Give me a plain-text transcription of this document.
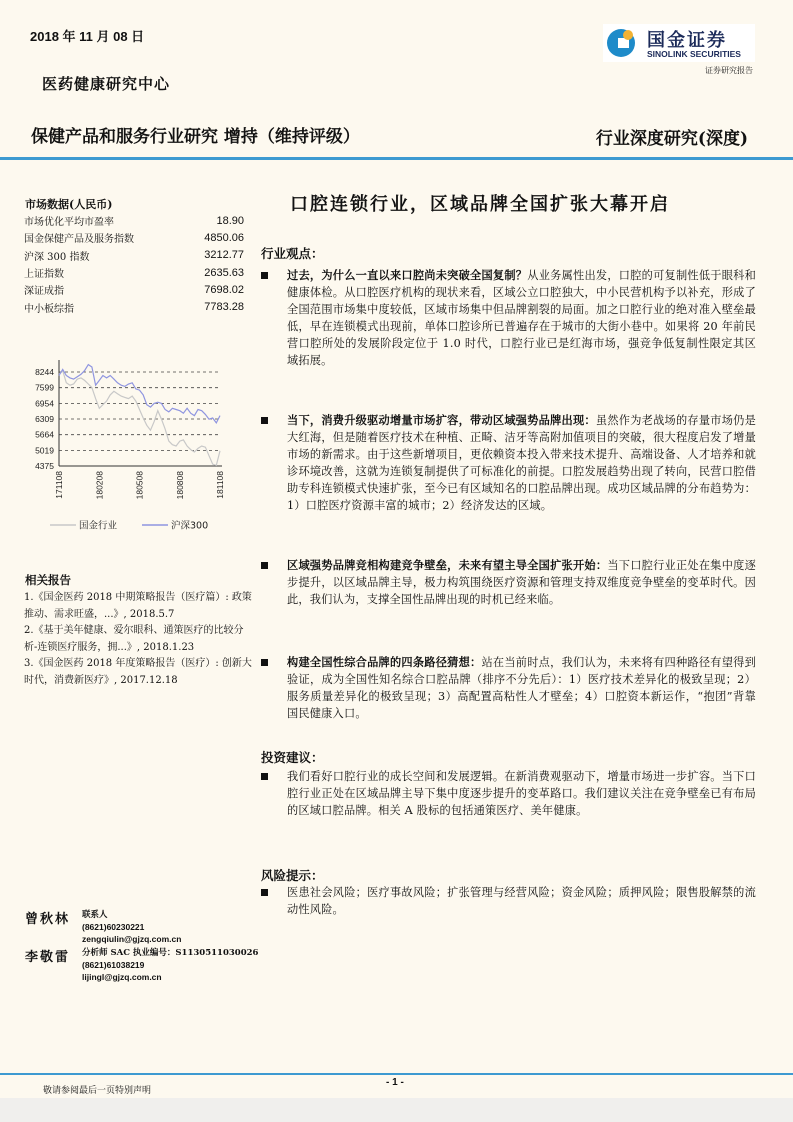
2018 年 11 月 08 日
医药健康研究中心
保健产品和服务行业研究 增持（维持评级）	行业深度研究(深度)
国金证券
SINOLINK SECURITIES
证券研究报告
市场数据(人民币)
市场优化平均市盈率	18.90
国金保健产品及服务指数	4850.06
沪深 300 指数	3212.77
上证指数	2635.63
深证成指	7698.02
中小板综指	7783.28
4375
5019
5664
6309
6954
7599
8244
171108	180208	180508	180808	181108
国金行业	沪深300
相关报告
1.《国金医药 2018 中期策略报告（医疗篇）: 政策推动、需求旺盛，...》, 2018.5.7
2.《基于美年健康、爱尔眼科、通策医疗的比较分析-连锁医疗服务，拥...》, 2018.1.23
3.《国金医药 2018 年度策略报告（医疗）: 创新大时代，消费新医疗》, 2017.12.18
曾秋林 联系人
(8621)60230221
zengqiulin@gjzq.com.cn
李敬雷 分析师 SAC 执业编号：S1130511030026
(8621)61038219
lijingl@gjzq.com.cn
口腔连锁行业，区域品牌全国扩张大幕开启
行业观点：
过去，为什么一直以来口腔尚未突破全国复制？从业务属性出发，口腔的可复制性低于眼科和健康体检。从口腔医疗机构的现状来看，区域公立口腔独大，中小民营机构予以补充，形成了全国范围市场集中度较低，区域市场集中但品牌割裂的局面。加之口腔行业的绝对准入壁垒最低，早在连锁模式出现前，单体口腔诊所已普遍存在于城市的大街小巷中。如果将 20 年前民营口腔所处的发展阶段定位于 1.0 时代，口腔行业已是红海市场，强竞争低复制性限定其区域拓展。
当下，消费升级驱动增量市场扩容，带动区域强势品牌出现：虽然作为老战场的存量市场仍是大红海，但是随着医疗技术在种植、正畸、洁牙等高附加值项目的突破，很大程度启发了增量市场的新需求。由于这些新增项目，更依赖资本投入带来技术提升、高端设备、人才培养和就诊环境改善，这就为连锁复制提供了可标准化的前提。口腔发展趋势出现了转向，民营口腔借助专科连锁模式快速扩张，至今已有区域知名的口腔品牌出现。成功区域品牌的分布趋势为：1）口腔医疗资源丰富的城市；2）经济发达的区域。
区域强势品牌竞相构建竞争壁垒，未来有望主导全国扩张开始：当下口腔行业正处在集中度逐步提升，以区域品牌主导，极力构筑围绕医疗资源和管理支持双维度竞争壁垒的变革时代。因此，我们认为，支撑全国性品牌出现的时机已经来临。
构建全国性综合品牌的四条路径猜想：站在当前时点，我们认为，未来将有四种路径有望得到验证，成为全国性知名综合口腔品牌（排序不分先后）：1）医疗技术差异化的极致呈现；2）服务质量差异化的极致呈现；3）高配置高粘性人才壁垒；4）口腔资本新运作，“抱团”背靠国民健康入口。
投资建议：
我们看好口腔行业的成长空间和发展逻辑。在新消费观驱动下，增量市场进一步扩容。当下口腔行业正处在区域品牌主导下集中度逐步提升的变革路口。我们建议关注在竞争壁垒已有布局的区域口腔品牌。相关 A 股标的包括通策医疗、美年健康。
风险提示：
医患社会风险；医疗事故风险；扩张管理与经营风险；资金风险；质押风险；限售股解禁的流动性风险。
- 1 -
敬请参阅最后一页特别声明
